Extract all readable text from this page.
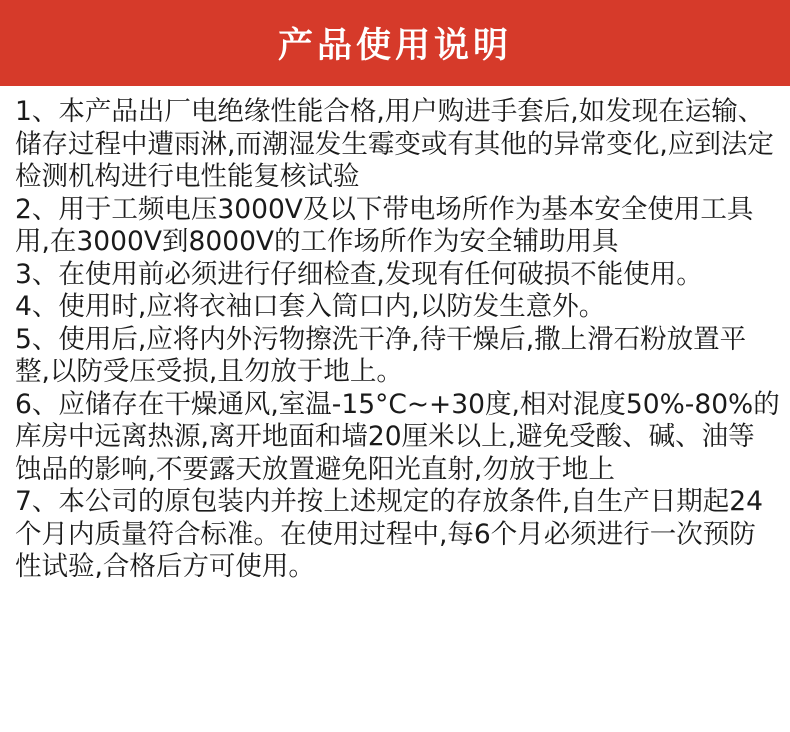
产品使用说明

1、本产品出厂电绝缘性能合格,用户购进手套后,如发现在运输、储存过程中遭雨淋,而潮湿发生霉变或有其他的异常变化,应到法定检测机构进行电性能复核试验

2、用于工频电压3000V及以下带电场所作为基本安全使用工具用,在3000V到8000V的工作场所作为安全辅助用具

3、在使用前必须进行仔细检查,发现有任何破损不能使用。

4、使用时,应将衣袖口套入筒口内,以防发生意外。

5、使用后,应将内外污物擦洗干净,待干燥后,撒上滑石粉放置平整,以防受压受损,且勿放于地上。

6、应储存在干燥通风,室温-15°C~+30度,相对混度50%-80%的库房中远离热源,离开地面和墙20厘米以上,避免受酸、碱、油等蚀品的影响,不要露天放置避免阳光直射,勿放于地上

7、本公司的原包装内并按上述规定的存放条件,自生产日期起24个月内质量符合标准。在使用过程中,每6个月必须进行一次预防性试验,合格后方可使用。
